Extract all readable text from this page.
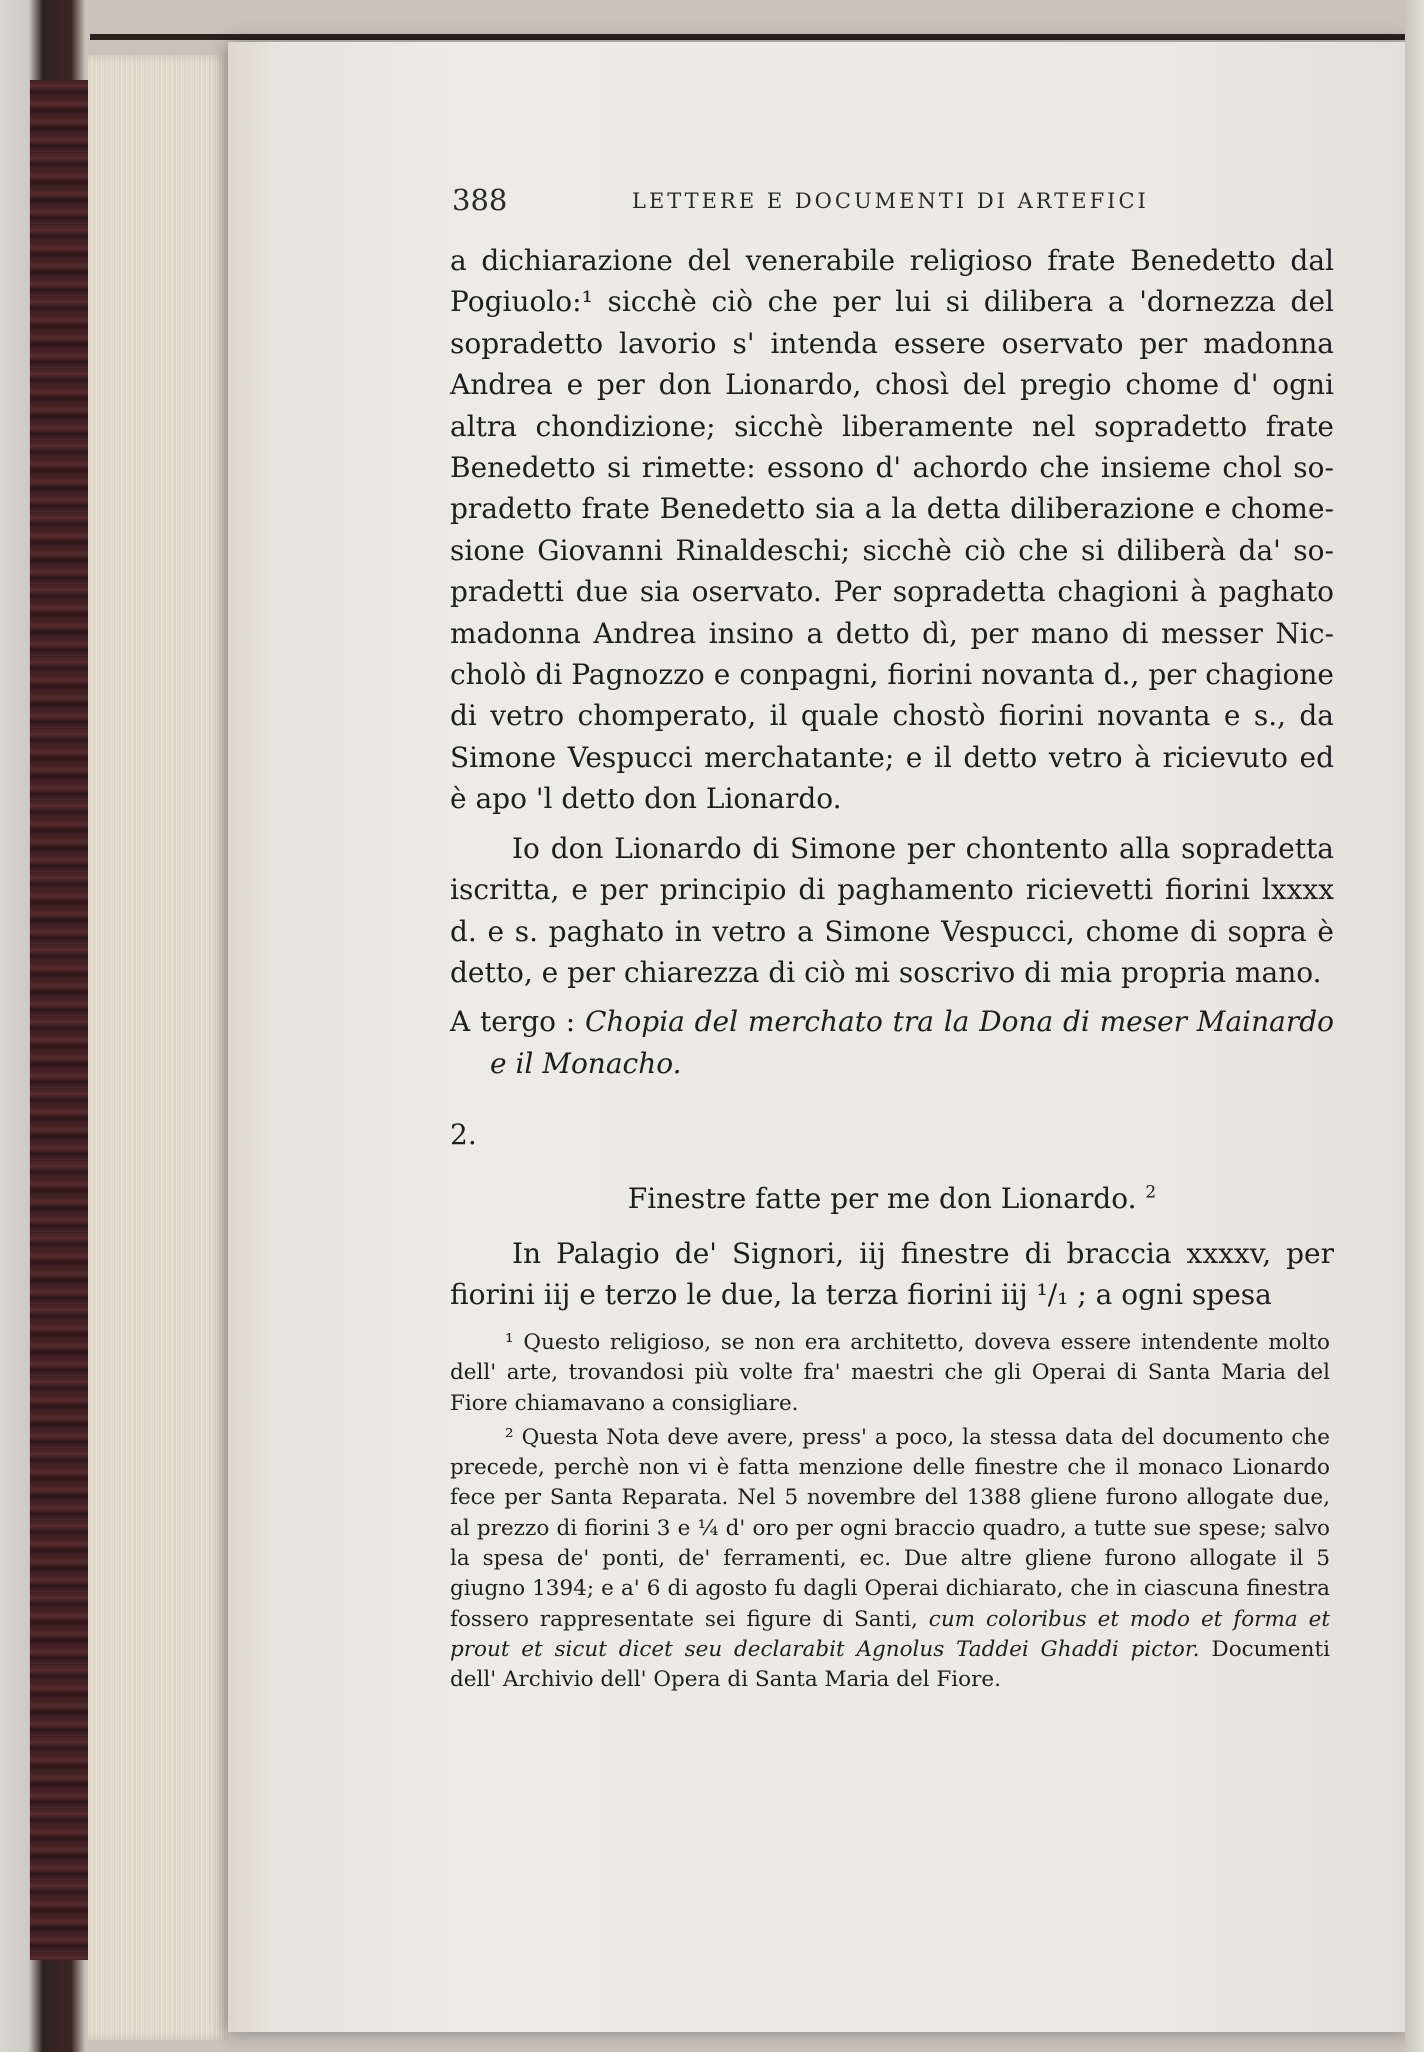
388	LETTERE E DOCUMENTI DI ARTEFICI

a dichiarazione del venerabile religioso frate Benedetto dal Pogiuolo:¹ sicchè ciò che per lui si dilibera a 'dornezza del sopradetto lavorio s' intenda essere oservato per madonna Andrea e per don Lionardo, chosì del pregio chome d' ogni altra chondizione; sicchè liberamente nel sopradetto frate Benedetto si rimette: essono d' achordo che insieme chol so- pradetto frate Benedetto sia a la detta diliberazione e chome- sione Giovanni Rinaldeschi; sicchè ciò che si diliberà da' so- pradetti due sia oservato. Per sopradetta chagioni à paghato madonna Andrea insino a detto dì, per mano di messer Nic- cholò di Pagnozzo e conpagni, fiorini novanta d., per chagione di vetro chomperato, il quale chostò fiorini novanta e s., da Simone Vespucci merchatante; e il detto vetro à ricievuto ed è apo 'l detto don Lionardo.

Io don Lionardo di Simone per chontento alla sopradetta iscritta, e per principio di paghamento ricievetti fiorini lxxxx d. e s. paghato in vetro a Simone Vespucci, chome di sopra è detto, e per chiarezza di ciò mi soscrivo di mia propria mano.

A tergo : Chopia del merchato tra la Dona di meser Mainardo e il Monacho.

2.
Finestre fatte per me don Lionardo. $^2$

In Palagio de' Signori, iij finestre di braccia xxxxv, per fiorini iij e terzo le due, la terza fiorini iij ¹/₁ ; a ogni spesa

¹ Questo religioso, se non era architetto, doveva essere intendente molto dell' arte, trovandosi più volte fra' maestri che gli Operai di Santa Maria del Fiore chiamavano a consigliare.

² Questa Nota deve avere, press' a poco, la stessa data del documento che precede, perchè non vi è fatta menzione delle finestre che il monaco Lionardo fece per Santa Reparata. Nel 5 novembre del 1388 gliene furono allogate due, al prezzo di fiorini 3 e ¼ d' oro per ogni braccio quadro, a tutte sue spese; salvo la spesa de' ponti, de' ferramenti, ec. Due altre gliene furono allogate il 5 giugno 1394; e a' 6 di agosto fu dagli Operai dichiarato, che in ciascuna finestra fossero rappresentate sei figure di Santi, cum coloribus et modo et forma et prout et sicut dicet seu declarabit Agnolus Taddei Ghaddi pictor. Documenti dell' Archivio dell' Opera di Santa Maria del Fiore.
